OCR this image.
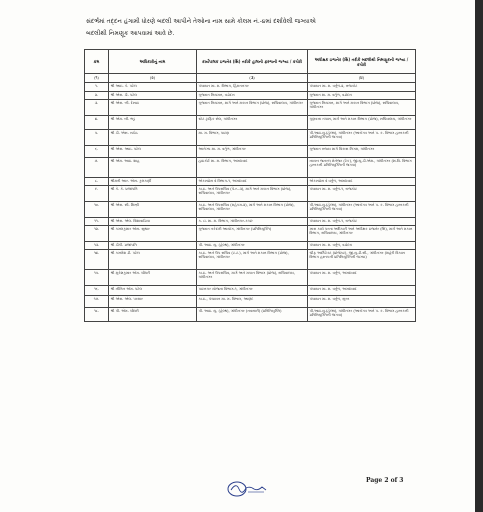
સંદર્ભમાં તદ્દન હંગામી ધોરણે બદલી આપીને તેઓના નામ સામે કોલમ નં.-૪માં દર્શાવેલી જગ્યાએ
બદલીથી નિમણૂક આપવામાં આવે છે.
ક્રમ	અધિકારીનું નામ	કાર્યપાલક ઇજનેર (સિ) તરીકે હાલની ફરજની જગ્યા / કચેરી	અધીક્ષક ઇજનેર (સિ) તરીકે બદલીથી નિમણૂકની જગ્યા / કચેરી
(૧)	(૨)	(૩)	(૪)
૧.	શ્રી આઇ. કે. પટેલ	પંચાયત મા. મ. વિભાગ, હિંમતનગર	પંચાયત મા. મ. વર્તુળ-૨, રાજકોટ
૨.	શ્રી એસ. ડી. પટેલ	ગુજરાત નિયમન, વડોદરા	ગુજરાત મા. મ. વર્તુળ, વડોદરા
૩.	શ્રી એસ. બી. દેસાઇ	ગુજરાત નિયમન, માર્ગ અને મકાન વિભાગ (પ્રોજ), સચિવાલય, ગાંધીનગર	ગુજરાત નિયમન, માર્ગ અને મકાન વિભાગ (પ્રોજ), સચિવાલય, ગાંધીનગર
૪.	શ્રી એમ. બી. ભટ્ટ	સ્ટેટ ટ્રાફિક સેલ, ગાંધીનગર	ગુણવત્તા તપાસ, માર્ગ અને મકાન વિભાગ (પ્રોજ), સચિવાલય, ગાંધીનગર
૫.	શ્રી ડી. એસ. રાઠોડ	મા. મ. વિભાગ, પાટણ	પી.આઇ.યુ.(હેલ્થ), ગાંધીનગર (આરોગ્ય અને પ. ક. વિભાગ હસ્તકની પ્રતિનિયુક્તિની જગ્યા)
૬.	શ્રી એસ. આઇ. પટેલ	આરોગ્ય મા. મ. વર્તુળ, ગાંધીનગર	ગુજરાત રાજ્ય માર્ગ વિકાસ નિગમ, ગાંધીનગર
૭.	શ્રી એમ. આઇ. શાહ	હાઇકોર્ટ મા. મ. વિભાગ, અમદાવાદ	નાયબ જનરલ મેનેજર (ટેક), જી.યુ.ડી.એમ., ગાંધીનગર (શ.વિ. વિભાગ હસ્તકની પ્રતિનિયુક્તિની જગ્યા)
૮.	શ્રીમતી આર. એસ. કુલકર્ણી	એકસપ્રેસ વે વિભાગ-૧, અમદાવાદ	એકસપ્રેસ વે વર્તુળ, અમદાવાદ
૯.	શ્રી કે. કે. પ્રજાપતિ	કા.ઇ. અને ઉપસચિવ (પે.ર.-૩), માર્ગ અને મકાન વિભાગ (પ્રોજ), સચિવાલય, ગાંધીનગર	પંચાયત મા. મ. વર્તુળ-૧, રાજકોટ
૧૦.	શ્રી એસ. સી. મિસ્ત્રી	કા.ઇ. અને ઉપસચિવ (મહેકમ-૨), માર્ગ અને મકાન વિભાગ (પ્રોજ), સચિવાલય, ગાંધીનગર	પી.આઇ.યુ.(હેલ્થ), ગાંધીનગર (આરોગ્ય અને પ. ક. વિભાગ હસ્તકની પ્રતિનિયુક્તિની જગ્યા)
૧૧.	શ્રી એસ. એલ. વિશાવાડિયા	ક. ઇ. મા. મ. વિભાગ, ગાંધીનગર-કચ્છ	પંચાયત મા. મ. વર્તુળ-૧, રાજકોટ
૧૨.	શ્રી કમલકુમાર એસ. સુથાર	ગુજરાત તકેદારી આયોગ, ગાંધીનગર (પ્રતિનિયુક્તિ)	ખાસ કાર્ય પરના અધિકારી અને અધીક્ષક ઇજનેર (સિ), માર્ગ અને મકાન વિભાગ, સચિવાલય, ગાંધીનગર
૧૩.	શ્રી ડીકી. પ્રજાપતિ	પી. આઇ. યુ. (હેલ્થ), ગાંધીનગર	પંચાયત મા. મ. વર્તુળ, વડોદરા
૧૪.	શ્રી કમલેશ ડી. પટેલ	કા.ઇ. અને ઉપ સચિવ (ટ.ટ.), માર્ગ અને મકાન વિભાગ (પ્રોજ), સચિવાલય, ગાંધીનગર	ચીફ આર્કિટેક્ટ (પ્રોજેક્ટ), જી.યુ.ડી.સી., ગાંધીનગર (શહેરી વિકાસ વિભાગ હસ્તકની પ્રતિનિયુક્તિની જગ્યા)
૧૫.	શ્રી મુકેશકુમાર એમ. ચૌધરી	કા.ઇ. અને ઉપસચિવ, માર્ગ અને મકાન વિભાગ (પ્રોજ), સચિવાલય, ગાંધીનગર	પંચાયત મા. મ. વર્તુળ, અમદાવાદ
૧૬.	શ્રી નીતિન એમ. પટેલ	પાટનગર યોજના વિભાગ-૧, ગાંધીનગર	પંચાયત મા. મ. વર્તુળ, અમદાવાદ
૧૭.	શ્રી એસ. એલ. પરમાર	કા.ઇ., પંચાયત મા. મ. વિભાગ, આણંદ	પંચાયત મા. મ. વર્તુળ, સુરત
૧૮.	શ્રી પી. એમ. ચૌધરી	પી. આઇ. યુ. (હેલ્થ), ગાંધીનગર (નવસારી) (પ્રતિનિયુક્તિ)	પી.આઇ.યુ.(હેલ્થ), ગાંધીનગર (આરોગ્ય અને પ. ક. વિભાગ હસ્તકની પ્રતિનિયુક્તિની જગ્યા)
Page 2 of 3
